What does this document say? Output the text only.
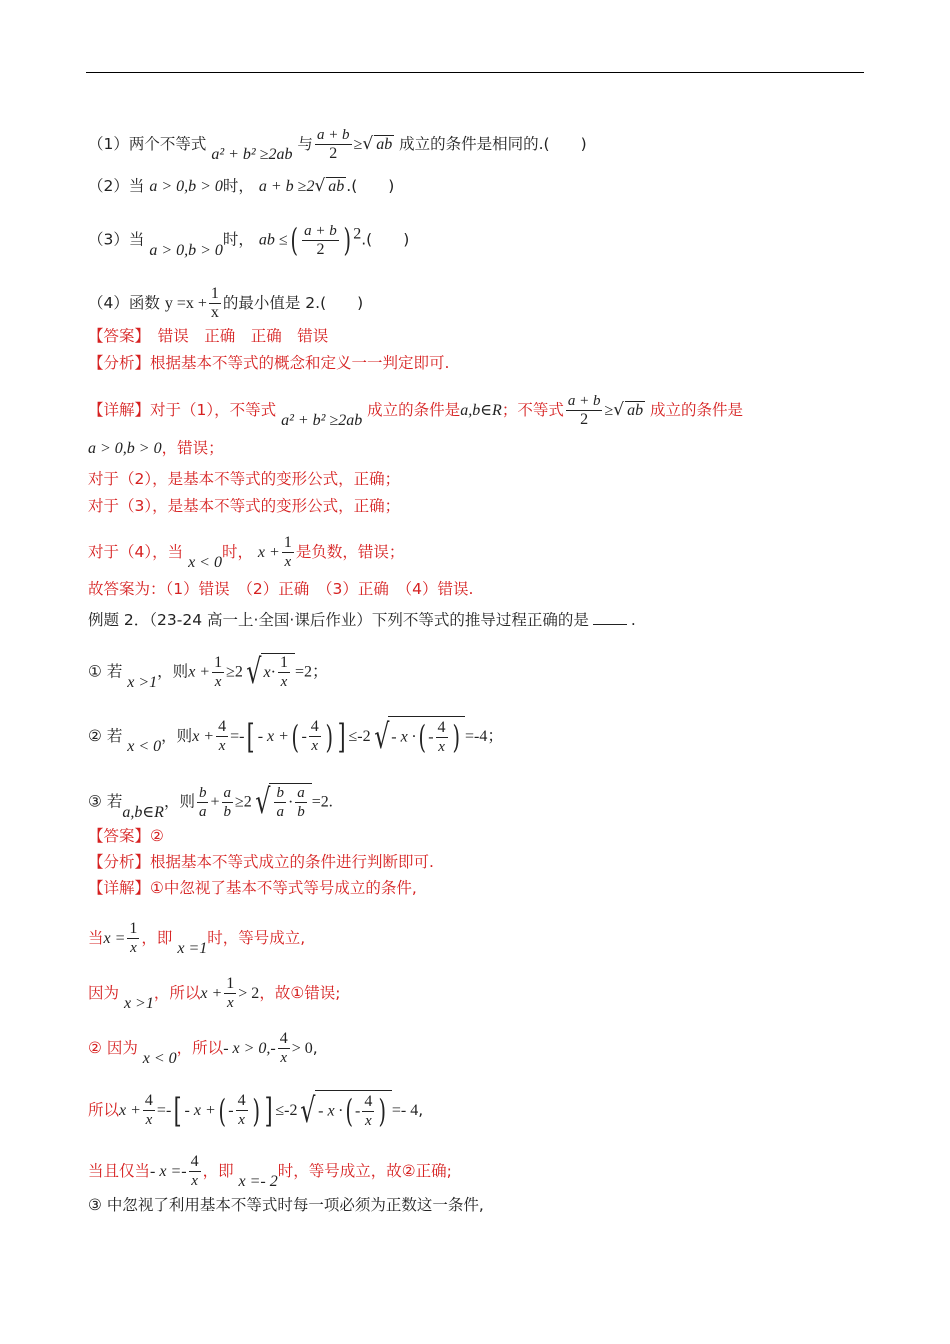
（1）两个不等式 a² + b² ≥2ab 与 $\frac{a + b}{2}$ ≥√ ab 成立的条件是相同的.(　　)
（2）当 a > 0,b > 0时， a + b ≥2√ ab .(　　)
（3）当 a > 0,b > 0时， ab ≤( $\frac{a + b}{2}$ ) $^2$.(　　)
（4）函数 $y =x + \frac{1}{x}$ 的最小值是 2.(　　)
【答案】　错误　正确　正确　错误
【分析】根据基本不等式的概念和定义一一判定即可.
【详解】对于（1），不等式 a² + b² ≥2ab 成立的条件是a,b∈R；不等式 $\frac{a + b}{2}$ ≥√ ab 成立的条件是
a > 0,b > 0，错误；
对于（2），是基本不等式的变形公式，正确；
对于（3），是基本不等式的变形公式，正确；
对于（4），当 x < 0时， $x + \frac{1}{x}$ 是负数，错误；
故答案为：（1）错误　（2）正确　（3）正确　（4）错误.
例题 2．（23-24 高一上·全国·课后作业）下列不等式的推导过程正确的是	.
① 若 x >1，则$x + \frac{1}{x} \ge 2√$ $x\cdot \frac{1}{x} =2$；
② 若 x < 0，则$x + \frac{4}{x}$ =-[ - x +( - $\frac{4}{x}$ ) ] ≤-2√ - x ·( - $\frac{4}{x}$ ) =-4；
③ 若a,b∈R，则 $\frac{b}{a} + \frac{a}{b} \ge 2√ \frac{b}{a} \cdot \frac{a}{b} =2$.
【答案】②
【分析】根据基本不等式成立的条件进行判断即可.
【详解】①中忽视了基本不等式等号成立的条件,
当$x = \frac{1}{x}$ ，即 x =1时，等号成立,
因为 x >1，所以$x + \frac{1}{x} > 2$，故①错误;
② 因为 x < 0，所以- $x > 0,- \frac{4}{x} > 0$,
所以$x + \frac{4}{x}$ =-[ - x +( - $\frac{4}{x}$ ) ] ≤-2√ - x ·( - $\frac{4}{x}$ ) =- 4,
当且仅当- $x =- \frac{4}{x}$ ，即 x =- 2时，等号成立，故②正确;
③ 中忽视了利用基本不等式时每一项必须为正数这一条件,
